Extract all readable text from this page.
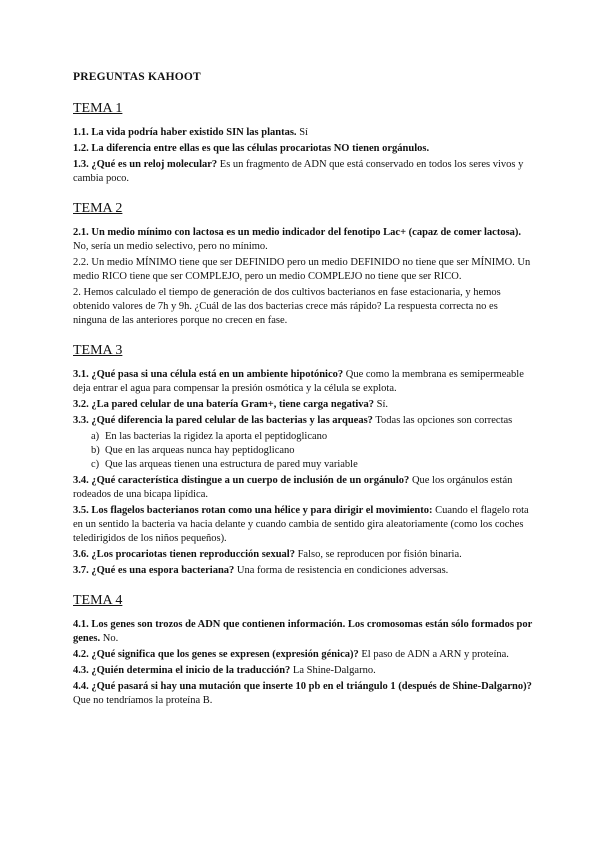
PREGUNTAS KAHOOT
TEMA 1

1.1. La vida podría haber existido SIN las plantas. Sí

1.2. La diferencia entre ellas es que las células procariotas NO tienen orgánulos.

1.3. ¿Qué es un reloj molecular? Es un fragmento de ADN que está conservado en todos los seres vivos y cambia poco.

TEMA 2

2.1. Un medio mínimo con lactosa es un medio indicador del fenotipo Lac+ (capaz de comer lactosa). No, sería un medio selectivo, pero no mínimo.

2.2. Un medio MÍNIMO tiene que ser DEFINIDO pero un medio DEFINIDO no tiene que ser MÍNIMO. Un medio RICO tiene que ser COMPLEJO, pero un medio COMPLEJO no tiene que ser RICO.

2. Hemos calculado el tiempo de generación de dos cultivos bacterianos en fase estacionaria, y hemos obtenido valores de 7h y 9h. ¿Cuál de las dos bacterias crece más rápido? La respuesta correcta no es ninguna de las anteriores porque no crecen en fase.

TEMA 3

3.1. ¿Qué pasa si una célula está en un ambiente hipotónico? Que como la membrana es semipermeable deja entrar el agua para compensar la presión osmótica y la célula se explota.

3.2. ¿La pared celular de una batería Gram+, tiene carga negativa? Sí.

3.3. ¿Qué diferencia la pared celular de las bacterias y las arqueas? Todas las opciones son correctas

a) En las bacterias la rigidez la aporta el peptidoglicano
b) Que en las arqueas nunca hay peptidoglicano
c) Que las arqueas tienen una estructura de pared muy variable

3.4. ¿Qué característica distingue a un cuerpo de inclusión de un orgánulo? Que los orgánulos están rodeados de una bicapa lipídica.

3.5. Los flagelos bacterianos rotan como una hélice y para dirigir el movimiento: Cuando el flagelo rota en un sentido la bacteria va hacia delante y cuando cambia de sentido gira aleatoriamente (como los coches teledirigidos de los niños pequeños).

3.6. ¿Los procariotas tienen reproducción sexual? Falso, se reproducen por fisión binaria.

3.7. ¿Qué es una espora bacteriana? Una forma de resistencia en condiciones adversas.

TEMA 4

4.1. Los genes son trozos de ADN que contienen información. Los cromosomas están sólo formados por genes. No.

4.2. ¿Qué significa que los genes se expresen (expresión génica)? El paso de ADN a ARN y proteína.

4.3. ¿Quién determina el inicio de la traducción? La Shine-Dalgarno.

4.4. ¿Qué pasará si hay una mutación que inserte 10 pb en el triángulo 1 (después de Shine-Dalgarno)? Que no tendríamos la proteína B.
